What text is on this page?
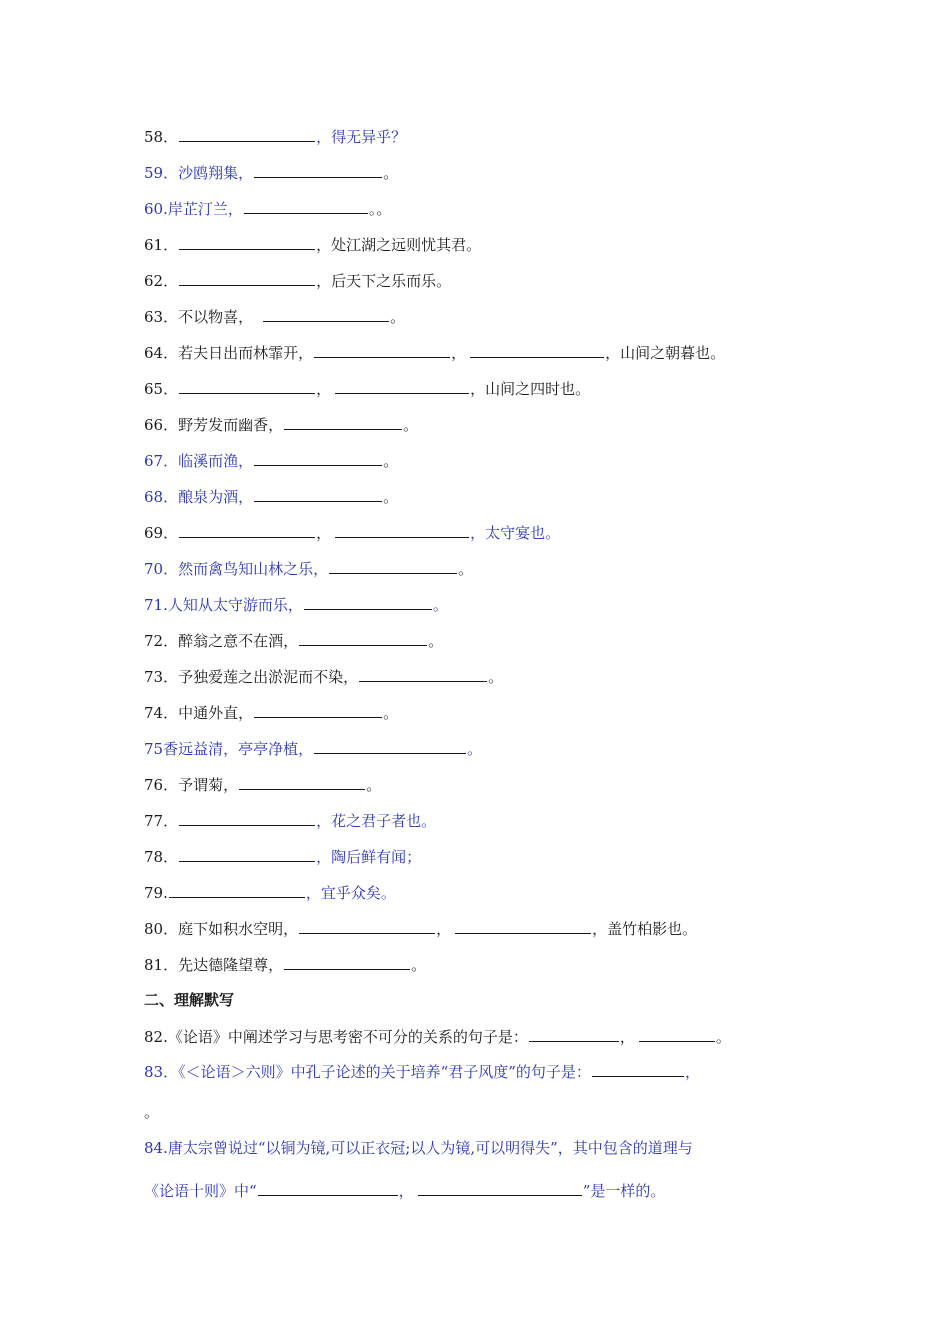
58．	，得无异乎？
59．沙鸥翔集，	。
60.岸芷汀兰，	。。
61．	，处江湖之远则忧其君。
62．	，后天下之乐而乐。
63．不以物喜，	。
64．若夫日出而林霏开，	，	，山间之朝暮也。
65．	，	，山间之四时也。
66．野芳发而幽香，	。
67．临溪而渔，	。
68．酿泉为酒，	。
69．	，	，太守宴也。
70．然而禽鸟知山林之乐，	。
71.人知从太守游而乐，	。
72．醉翁之意不在酒，	。
73．予独爱莲之出淤泥而不染，	。
74．中通外直，	。
75香远益清，亭亭净植，	。
76．予谓菊，	。
77．	，花之君子者也。
78．	，陶后鲜有闻；
79.	，宜乎众矣。
80．庭下如积水空明，	，	，盖竹柏影也。
81．先达德隆望尊，	。
二、理解默写
82.《论语》中阐述学习与思考密不可分的关系的句子是：	，	。
83．《＜论语＞六则》中孔子论述的关于培养“君子风度”的句子是：	，
。
84.唐太宗曾说过“以铜为镜,可以正衣冠;以人为镜,可以明得失”，其中包含的道理与
《论语十则》中“	，	”是一样的。
